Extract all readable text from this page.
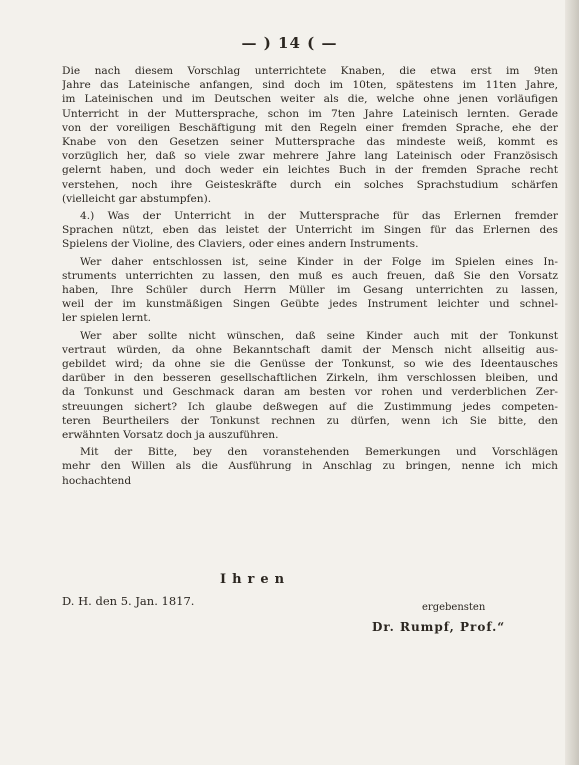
— ) 14 ( —
Die nach diesem Vorschlag unterrichtete Knaben, die etwa erst im 9ten
Jahre das Lateinische anfangen, sind doch im 10ten, spätestens im 11ten Jahre,
im Lateinischen und im Deutschen weiter als die, welche ohne jenen vorläufigen
Unterricht in der Muttersprache, schon im 7ten Jahre Lateinisch lernten. Gerade
von der voreiligen Beschäftigung mit den Regeln einer fremden Sprache, ehe der
Knabe von den Gesetzen seiner Muttersprache das mindeste weiß, kommt es
vorzüglich her, daß so viele zwar mehrere Jahre lang Lateinisch oder Französisch
gelernt haben, und doch weder ein leichtes Buch in der fremden Sprache recht
verstehen, noch ihre Geisteskräfte durch ein solches Sprachstudium schärfen
(vielleicht gar abstumpfen).
4.) Was der Unterricht in der Muttersprache für das Erlernen fremder
Sprachen nützt, eben das leistet der Unterricht im Singen für das Erlernen des
Spielens der Violine, des Claviers, oder eines andern Instruments.
Wer daher entschlossen ist, seine Kinder in der Folge im Spielen eines In-
struments unterrichten zu lassen, den muß es auch freuen, daß Sie den Vorsatz
haben, Ihre Schüler durch Herrn Müller im Gesang unterrichten zu lassen,
weil der im kunstmäßigen Singen Geübte jedes Instrument leichter und schnel-
ler spielen lernt.
Wer aber sollte nicht wünschen, daß seine Kinder auch mit der Tonkunst
vertraut würden, da ohne Bekanntschaft damit der Mensch nicht allseitig aus-
gebildet wird; da ohne sie die Genüsse der Tonkunst, so wie des Ideentausches
darüber in den besseren gesellschaftlichen Zirkeln, ihm verschlossen bleiben, und
da Tonkunst und Geschmack daran am besten vor rohen und verderblichen Zer-
streuungen sichert? Ich glaube deßwegen auf die Zustimmung jedes competen-
teren Beurtheilers der Tonkunst rechnen zu dürfen, wenn ich Sie bitte, den
erwähnten Vorsatz doch ja auszuführen.
Mit der Bitte, bey den voranstehenden Bemerkungen und Vorschlägen
mehr den Willen als die Ausführung in Anschlag zu bringen, nenne ich mich
hochachtend
Ihren
D. H. den 5. Jan. 1817.	ergebensten
Dr. Rumpf, Prof.“
